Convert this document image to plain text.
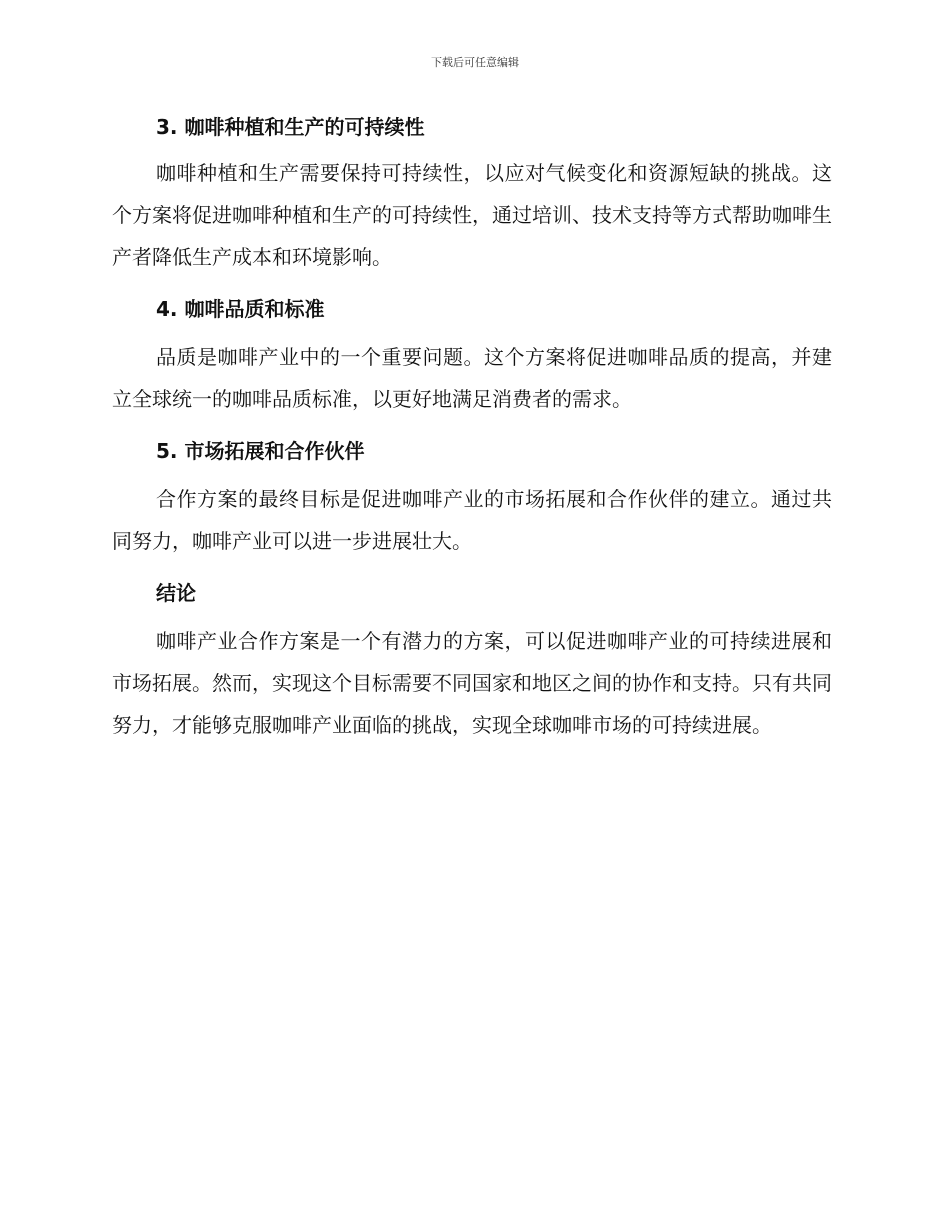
下载后可任意编辑
3. 咖啡种植和生产的可持续性

咖啡种植和生产需要保持可持续性，以应对气候变化和资源短缺的挑战。这个方案将促进咖啡种植和生产的可持续性，通过培训、技术支持等方式帮助咖啡生产者降低生产成本和环境影响。

4. 咖啡品质和标准

品质是咖啡产业中的一个重要问题。这个方案将促进咖啡品质的提高，并建立全球统一的咖啡品质标准，以更好地满足消费者的需求。

5. 市场拓展和合作伙伴

合作方案的最终目标是促进咖啡产业的市场拓展和合作伙伴的建立。通过共同努力，咖啡产业可以进一步进展壮大。

结论

咖啡产业合作方案是一个有潜力的方案，可以促进咖啡产业的可持续进展和市场拓展。然而，实现这个目标需要不同国家和地区之间的协作和支持。只有共同努力，才能够克服咖啡产业面临的挑战，实现全球咖啡市场的可持续进展。
